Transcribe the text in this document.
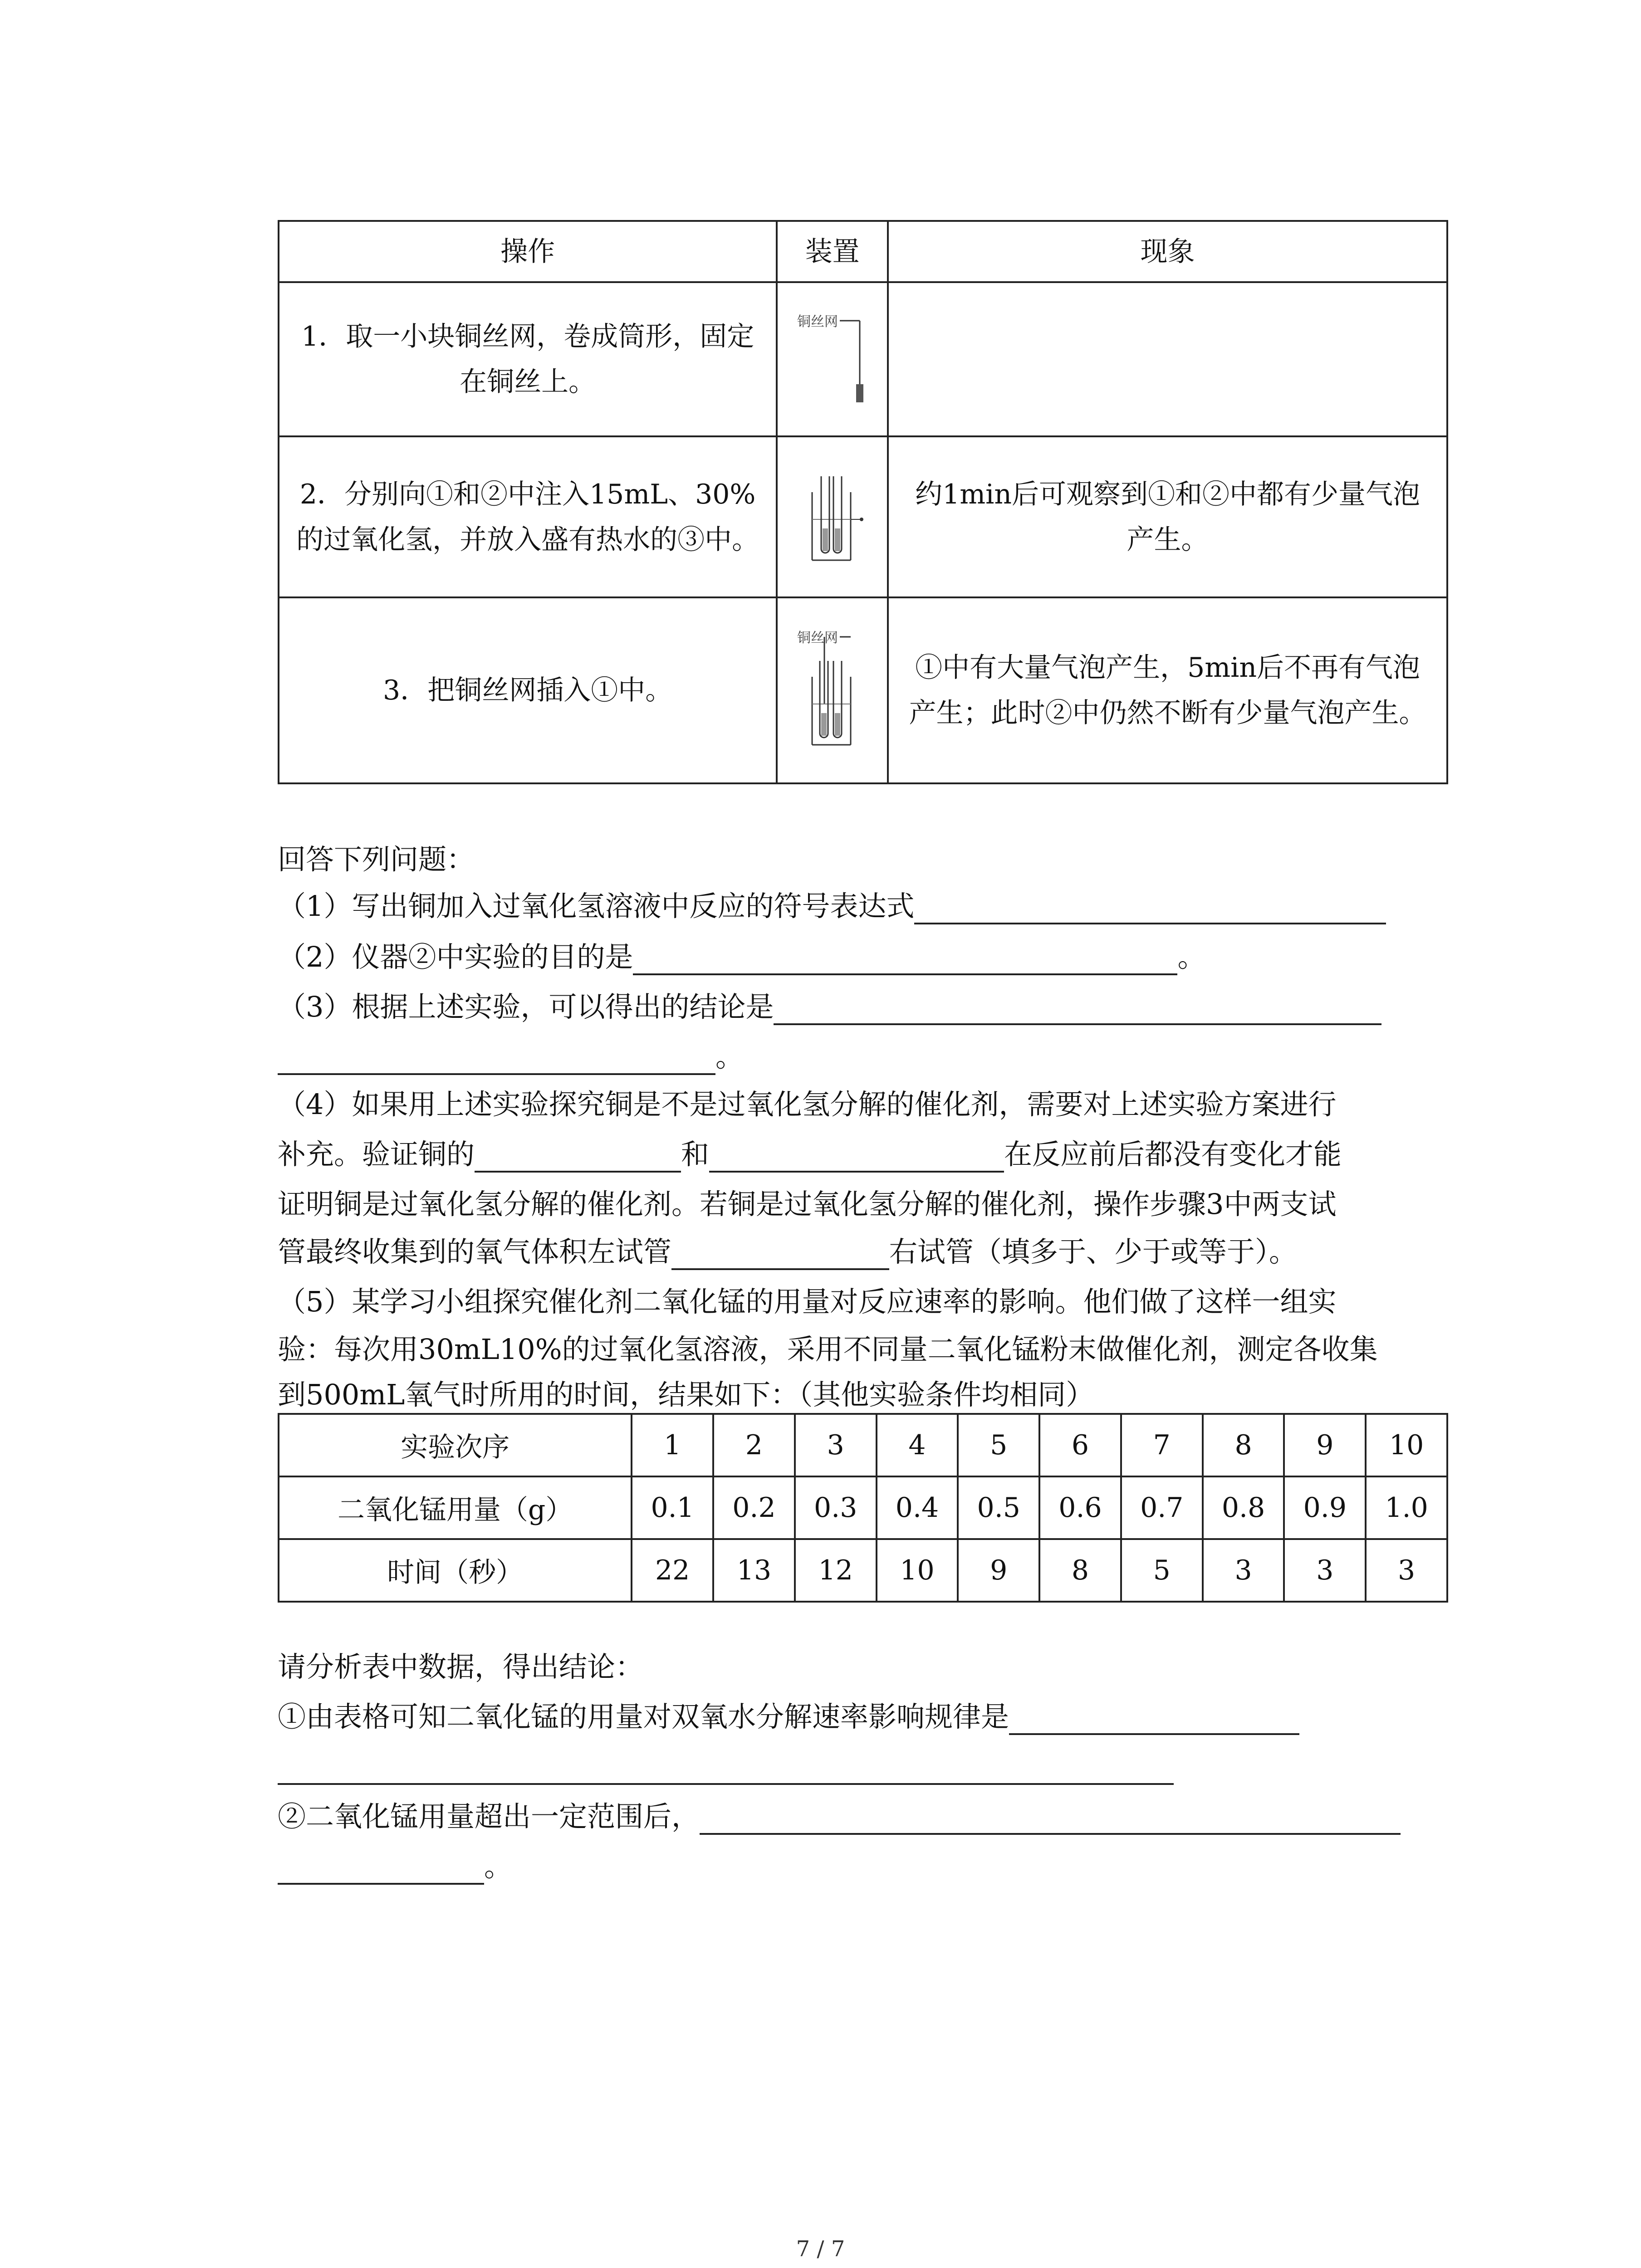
操作	装置	现象
1．取一小块铜丝网，卷成筒形，固定在铜丝上。	铜丝网	

2．分别向①和②中注入15mL、30%的过氧化氢，并放入盛有热水的③中。		约1min后可观察到①和②中都有少量气泡产生。
3．把铜丝网插入①中。	铜丝网	①中有大量气泡产生，5min后不再有气泡产生；此时②中仍然不断有少量气泡产生。
回答下列问题：
（1）写出铜加入过氧化氢溶液中反应的符号表达式
（2）仪器②中实验的目的是	。
（3）根据上述实验，可以得出的结论是
。
（4）如果用上述实验探究铜是不是过氧化氢分解的催化剂，需要对上述实验方案进行
补充。验证铜的	和	在反应前后都没有变化才能
证明铜是过氧化氢分解的催化剂。若铜是过氧化氢分解的催化剂，操作步骤3中两支试
管最终收集到的氧气体积左试管	右试管（填多于、少于或等于）。
（5）某学习小组探究催化剂二氧化锰的用量对反应速率的影响。他们做了这样一组实
验：每次用30mL10%的过氧化氢溶液，采用不同量二氧化锰粉末做催化剂，测定各收集
到500mL氧气时所用的时间，结果如下：（其他实验条件均相同）
实验次序	1	2	3	4	5	6	7	8	9	10
二氧化锰用量（g）	0.1	0.2	0.3	0.4	0.5	0.6	0.7	0.8	0.9	1.0
时间（秒）	22	13	12	10	9	8	5	3	3	3
请分析表中数据，得出结论：
①由表格可知二氧化锰的用量对双氧水分解速率影响规律是
②二氧化锰用量超出一定范围后，
。
7 / 7
